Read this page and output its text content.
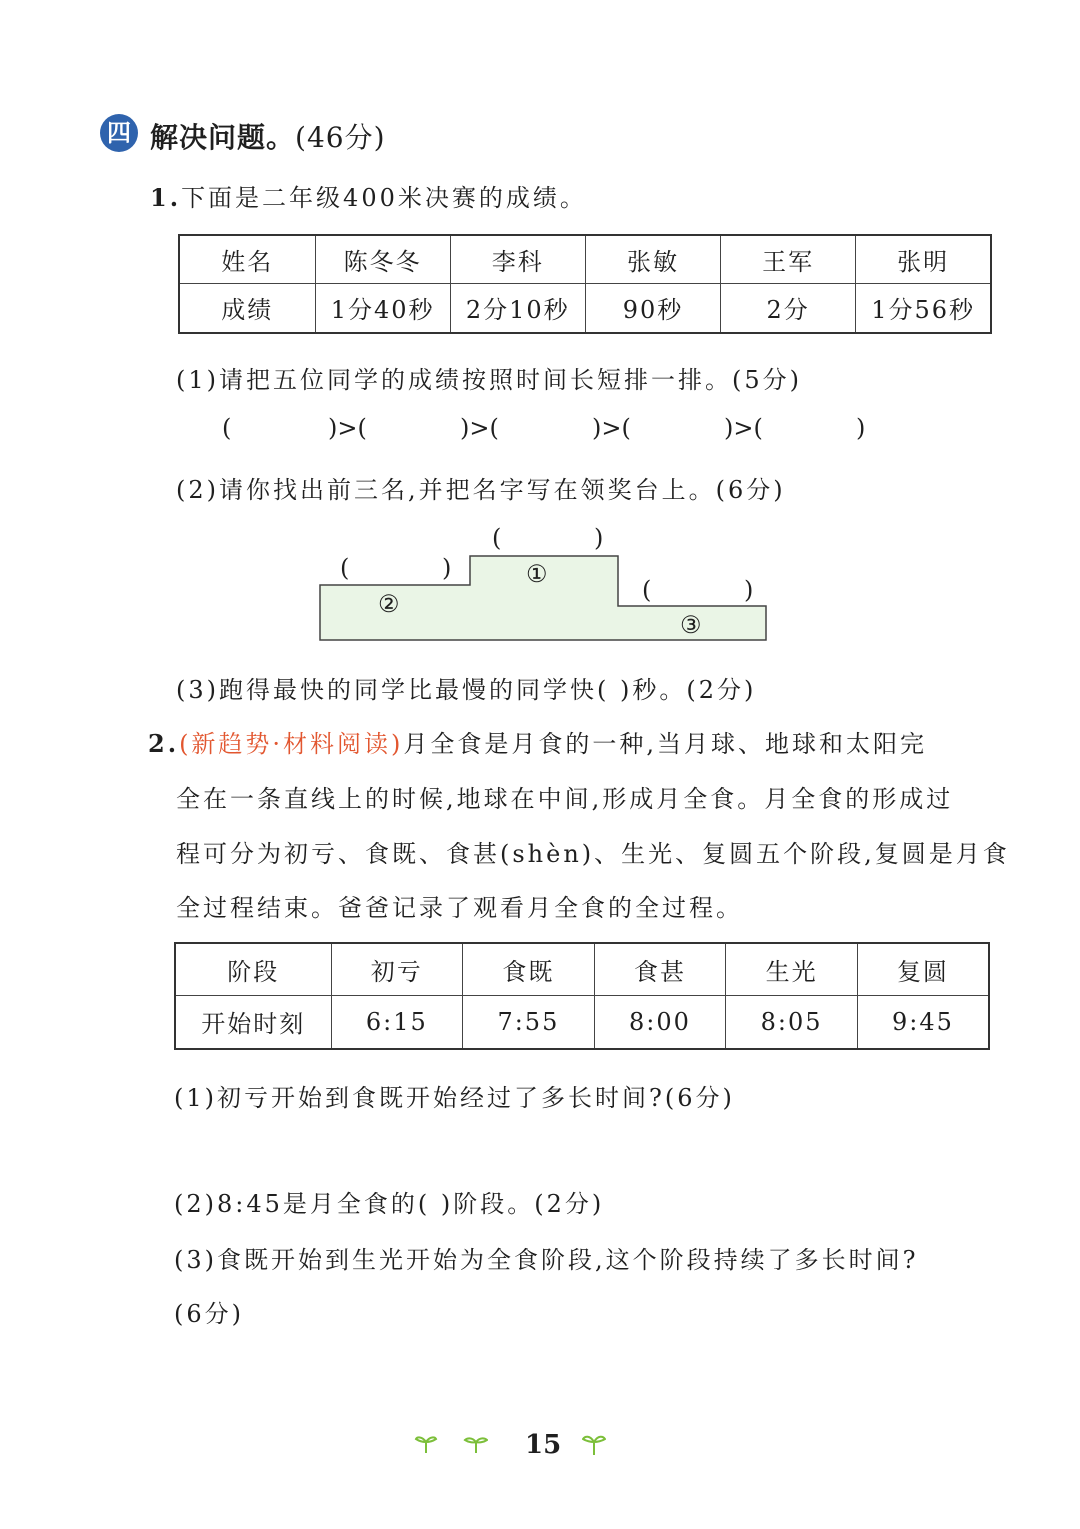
四 解决问题。(46分)
1.下面是二年级400米决赛的成绩。
姓名	陈冬冬	李科	张敏	王军	张明
成绩	1分40秒	2分10秒	90秒	2分	1分56秒
(1)请把五位同学的成绩按照时间长短排一排。(5分)
(	)>(	)>(	)>(	)>(	)
(2)请你找出前三名,并把名字写在领奖台上。(6分)
(	)
(	)
(	)
①
②
③
(3)跑得最快的同学比最慢的同学快( )秒。(2分)
2.(新趋势·材料阅读)月全食是月食的一种,当月球、地球和太阳完
全在一条直线上的时候,地球在中间,形成月全食。月全食的形成过
程可分为初亏、食既、食甚(shèn)、生光、复圆五个阶段,复圆是月食
全过程结束。爸爸记录了观看月全食的全过程。
阶段	初亏	食既	食甚	生光	复圆
开始时刻	6:15	7:55	8:00	8:05	9:45
(1)初亏开始到食既开始经过了多长时间?(6分)
(2)8:45是月全食的( )阶段。(2分)
(3)食既开始到生光开始为全食阶段,这个阶段持续了多长时间?
(6分)
15
